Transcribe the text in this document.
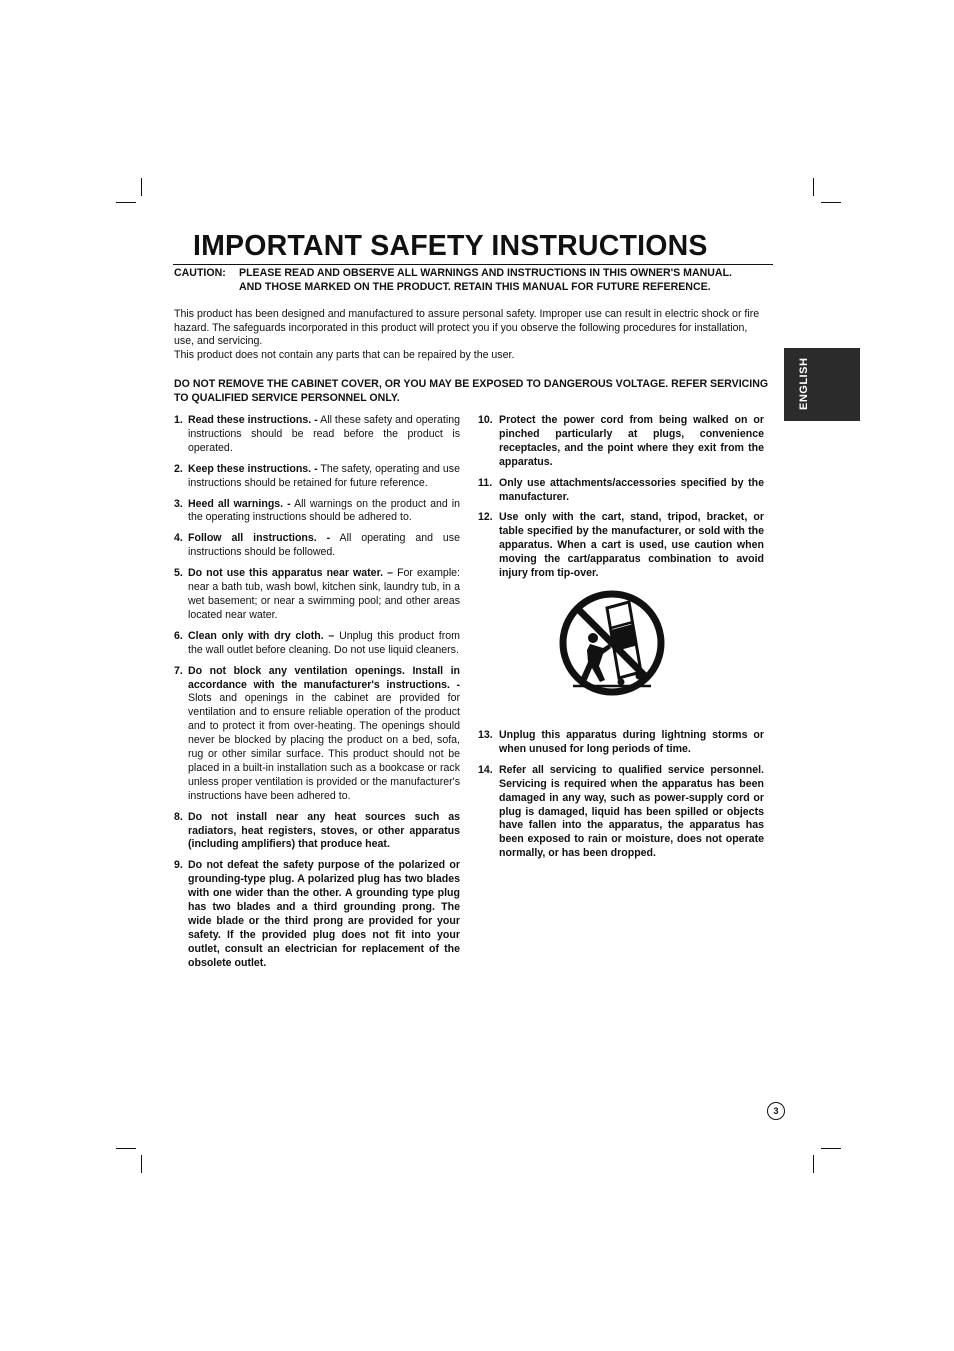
IMPORTANT SAFETY INSTRUCTIONS
CAUTION:	PLEASE READ AND OBSERVE ALL WARNINGS AND INSTRUCTIONS IN THIS OWNER'S MANUAL. AND THOSE MARKED ON THE PRODUCT. RETAIN THIS MANUAL FOR FUTURE REFERENCE.

This product has been designed and manufactured to assure personal safety. Improper use can result in electric shock or fire hazard. The safeguards incorporated in this product will protect you if you observe the following procedures for installation, use, and servicing.

This product does not contain any parts that can be repaired by the user.

DO NOT REMOVE THE CABINET COVER, OR YOU MAY BE EXPOSED TO DANGEROUS VOLTAGE. REFER SERVICING TO QUALIFIED SERVICE PERSONNEL ONLY.
1. Read these instructions. - All these safety and operating instructions should be read before the product is operated.
2. Keep these instructions. - The safety, operating and use instructions should be retained for future reference.
3. Heed all warnings. - All warnings on the product and in the operating instructions should be adhered to.
4. Follow all instructions. - All operating and use instructions should be followed.
5. Do not use this apparatus near water. – For example: near a bath tub, wash bowl, kitchen sink, laundry tub, in a wet basement; or near a swimming pool; and other areas located near water.
6. Clean only with dry cloth. – Unplug this product from the wall outlet before cleaning. Do not use liquid cleaners.
7. Do not block any ventilation openings. Install in accordance with the manufacturer's instructions. - Slots and openings in the cabinet are provided for ventilation and to ensure reliable operation of the product and to protect it from over-heating. The openings should never be blocked by placing the product on a bed, sofa, rug or other similar surface. This product should not be placed in a built-in installation such as a bookcase or rack unless proper ventilation is provided or the manufacturer's instructions have been adhered to.
8. Do not install near any heat sources such as radiators, heat registers, stoves, or other apparatus (including amplifiers) that produce heat.
9. Do not defeat the safety purpose of the polarized or grounding-type plug. A polarized plug has two blades with one wider than the other. A grounding type plug has two blades and a third grounding prong. The wide blade or the third prong are provided for your safety. If the provided plug does not fit into your outlet, consult an electrician for replacement of the obsolete outlet.
10. Protect the power cord from being walked on or pinched particularly at plugs, convenience receptacles, and the point where they exit from the apparatus.
11. Only use attachments/accessories specified by the manufacturer.
12. Use only with the cart, stand, tripod, bracket, or table specified by the manufacturer, or sold with the apparatus. When a cart is used, use caution when moving the cart/apparatus combination to avoid injury from tip-over.
13. Unplug this apparatus during lightning storms or when unused for long periods of time.
14. Refer all servicing to qualified service personnel. Servicing is required when the apparatus has been damaged in any way, such as power-supply cord or plug is damaged, liquid has been spilled or objects have fallen into the apparatus, the apparatus has been exposed to rain or moisture, does not operate normally, or has been dropped.
ENGLISH
3
